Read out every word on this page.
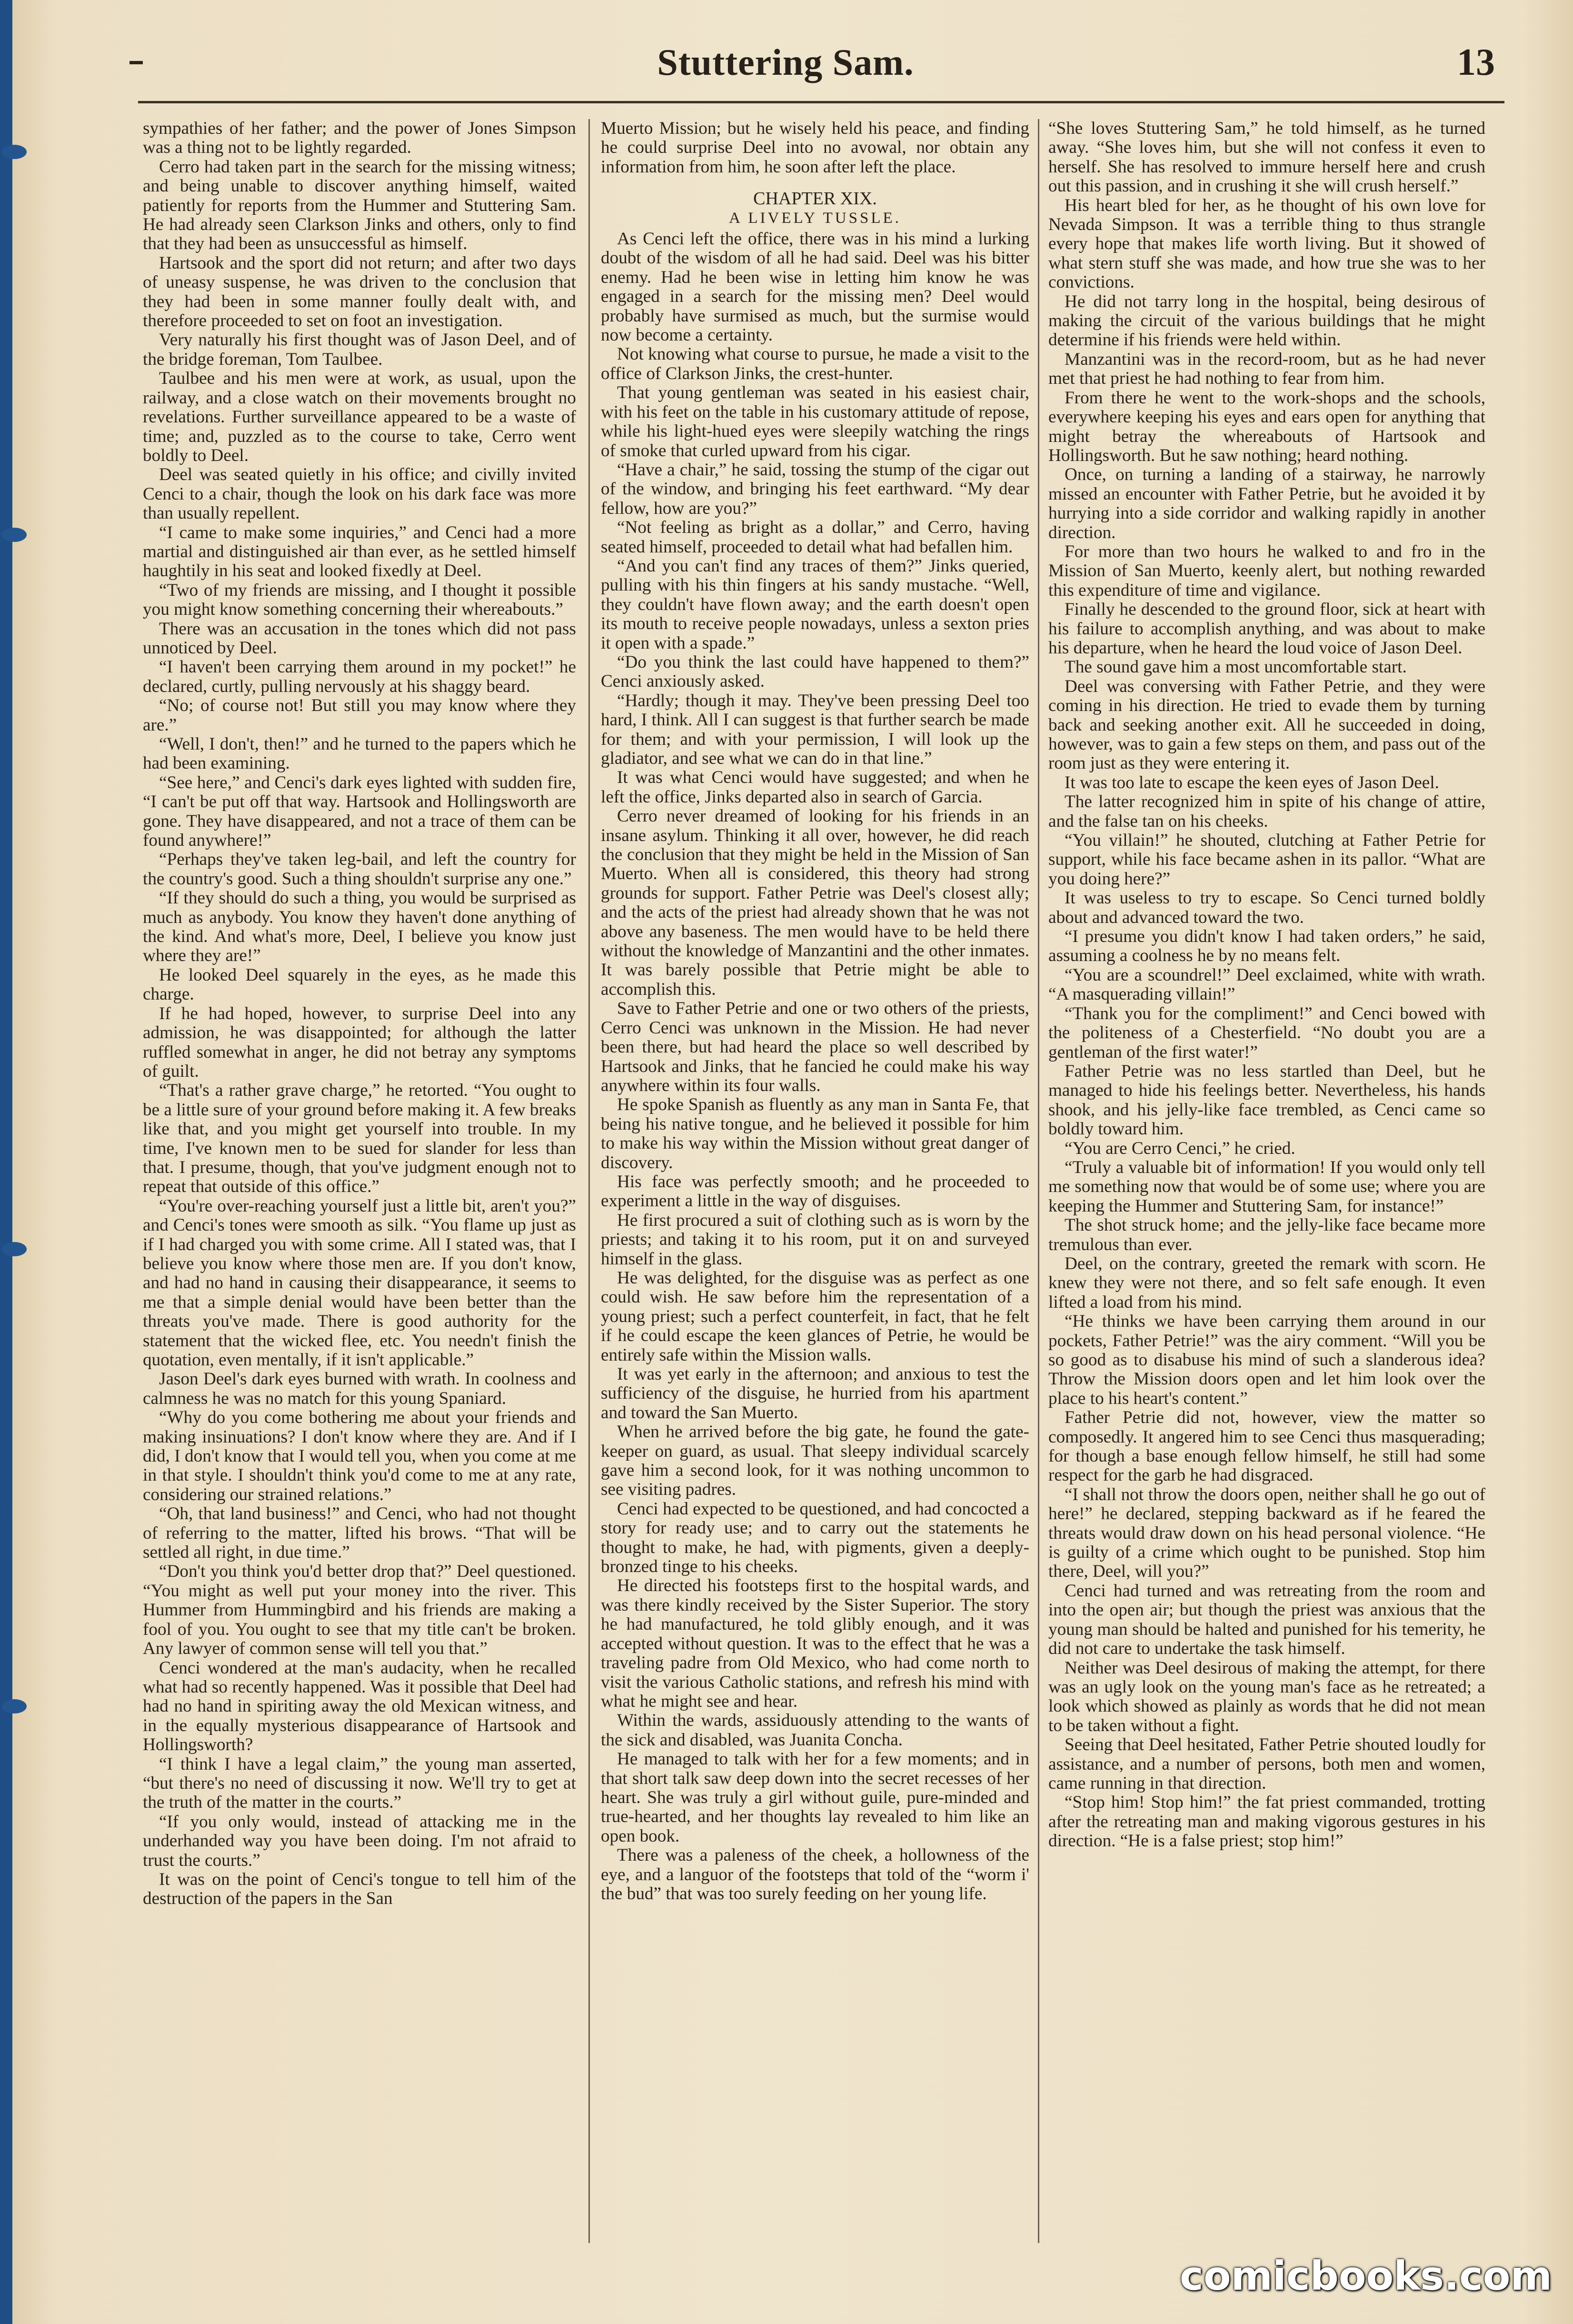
Stuttering Sam.	13

sympathies of her father; and the power of Jones Simpson was a thing not to be lightly regarded.

Cerro had taken part in the search for the missing witness; and being unable to discover anything himself, waited patiently for reports from the Hummer and Stuttering Sam. He had already seen Clarkson Jinks and others, only to find that they had been as unsuccessful as himself.

Hartsook and the sport did not return; and after two days of uneasy suspense, he was driven to the conclusion that they had been in some manner foully dealt with, and therefore proceeded to set on foot an investigation.

Very naturally his first thought was of Jason Deel, and of the bridge foreman, Tom Taulbee.

Taulbee and his men were at work, as usual, upon the railway, and a close watch on their movements brought no revelations. Further surveillance appeared to be a waste of time; and, puzzled as to the course to take, Cerro went boldly to Deel.

Deel was seated quietly in his office; and civilly invited Cenci to a chair, though the look on his dark face was more than usually repellent.

“I came to make some inquiries,” and Cenci had a more martial and distinguished air than ever, as he settled himself haughtily in his seat and looked fixedly at Deel.

“Two of my friends are missing, and I thought it possible you might know something concerning their whereabouts.”

There was an accusation in the tones which did not pass unnoticed by Deel.

“I haven't been carrying them around in my pocket!” he declared, curtly, pulling nervously at his shaggy beard.

“No; of course not! But still you may know where they are.”

“Well, I don't, then!” and he turned to the papers which he had been examining.

“See here,” and Cenci's dark eyes lighted with sudden fire, “I can't be put off that way. Hartsook and Hollingsworth are gone. They have disappeared, and not a trace of them can be found anywhere!”

“Perhaps they've taken leg-bail, and left the country for the country's good. Such a thing shouldn't surprise any one.”

“If they should do such a thing, you would be surprised as much as anybody. You know they haven't done anything of the kind. And what's more, Deel, I believe you know just where they are!”

He looked Deel squarely in the eyes, as he made this charge.

If he had hoped, however, to surprise Deel into any admission, he was disappointed; for although the latter ruffled somewhat in anger, he did not betray any symptoms of guilt.

“That's a rather grave charge,” he retorted. “You ought to be a little sure of your ground before making it. A few breaks like that, and you might get yourself into trouble. In my time, I've known men to be sued for slander for less than that. I presume, though, that you've judgment enough not to repeat that outside of this office.”

“You're over-reaching yourself just a little bit, aren't you?” and Cenci's tones were smooth as silk. “You flame up just as if I had charged you with some crime. All I stated was, that I believe you know where those men are. If you don't know, and had no hand in causing their disappearance, it seems to me that a simple denial would have been better than the threats you've made. There is good authority for the statement that the wicked flee, etc. You needn't finish the quotation, even mentally, if it isn't applicable.”

Jason Deel's dark eyes burned with wrath. In coolness and calmness he was no match for this young Spaniard.

“Why do you come bothering me about your friends and making insinuations? I don't know where they are. And if I did, I don't know that I would tell you, when you come at me in that style. I shouldn't think you'd come to me at any rate, considering our strained relations.”

“Oh, that land business!” and Cenci, who had not thought of referring to the matter, lifted his brows. “That will be settled all right, in due time.”

“Don't you think you'd better drop that?” Deel questioned. “You might as well put your money into the river. This Hummer from Hummingbird and his friends are making a fool of you. You ought to see that my title can't be broken. Any lawyer of common sense will tell you that.”

Cenci wondered at the man's audacity, when he recalled what had so recently happened. Was it possible that Deel had had no hand in spiriting away the old Mexican witness, and in the equally mysterious disappearance of Hartsook and Hollingsworth?

“I think I have a legal claim,” the young man asserted, “but there's no need of discussing it now. We'll try to get at the truth of the matter in the courts.”

“If you only would, instead of attacking me in the underhanded way you have been doing. I'm not afraid to trust the courts.”

It was on the point of Cenci's tongue to tell him of the destruction of the papers in the San

Muerto Mission; but he wisely held his peace, and finding he could surprise Deel into no avowal, nor obtain any information from him, he soon after left the place.

CHAPTER XIX.
A LIVELY TUSSLE.

As Cenci left the office, there was in his mind a lurking doubt of the wisdom of all he had said. Deel was his bitter enemy. Had he been wise in letting him know he was engaged in a search for the missing men? Deel would probably have surmised as much, but the surmise would now become a certainty.

Not knowing what course to pursue, he made a visit to the office of Clarkson Jinks, the crest-hunter.

That young gentleman was seated in his easiest chair, with his feet on the table in his customary attitude of repose, while his light-hued eyes were sleepily watching the rings of smoke that curled upward from his cigar.

“Have a chair,” he said, tossing the stump of the cigar out of the window, and bringing his feet earthward. “My dear fellow, how are you?”

“Not feeling as bright as a dollar,” and Cerro, having seated himself, proceeded to detail what had befallen him.

“And you can't find any traces of them?” Jinks queried, pulling with his thin fingers at his sandy mustache. “Well, they couldn't have flown away; and the earth doesn't open its mouth to receive people nowadays, unless a sexton pries it open with a spade.”

“Do you think the last could have happened to them?” Cenci anxiously asked.

“Hardly; though it may. They've been pressing Deel too hard, I think. All I can suggest is that further search be made for them; and with your permission, I will look up the gladiator, and see what we can do in that line.”

It was what Cenci would have suggested; and when he left the office, Jinks departed also in search of Garcia.

Cerro never dreamed of looking for his friends in an insane asylum. Thinking it all over, however, he did reach the conclusion that they might be held in the Mission of San Muerto. When all is considered, this theory had strong grounds for support. Father Petrie was Deel's closest ally; and the acts of the priest had already shown that he was not above any baseness. The men would have to be held there without the knowledge of Manzantini and the other inmates. It was barely possible that Petrie might be able to accomplish this.

Save to Father Petrie and one or two others of the priests, Cerro Cenci was unknown in the Mission. He had never been there, but had heard the place so well described by Hartsook and Jinks, that he fancied he could make his way anywhere within its four walls.

He spoke Spanish as fluently as any man in Santa Fe, that being his native tongue, and he believed it possible for him to make his way within the Mission without great danger of discovery.

His face was perfectly smooth; and he proceeded to experiment a little in the way of disguises.

He first procured a suit of clothing such as is worn by the priests; and taking it to his room, put it on and surveyed himself in the glass.

He was delighted, for the disguise was as perfect as one could wish. He saw before him the representation of a young priest; such a perfect counterfeit, in fact, that he felt if he could escape the keen glances of Petrie, he would be entirely safe within the Mission walls.

It was yet early in the afternoon; and anxious to test the sufficiency of the disguise, he hurried from his apartment and toward the San Muerto.

When he arrived before the big gate, he found the gate-keeper on guard, as usual. That sleepy individual scarcely gave him a second look, for it was nothing uncommon to see visiting padres.

Cenci had expected to be questioned, and had concocted a story for ready use; and to carry out the statements he thought to make, he had, with pigments, given a deeply-bronzed tinge to his cheeks.

He directed his footsteps first to the hospital wards, and was there kindly received by the Sister Superior. The story he had manufactured, he told glibly enough, and it was accepted without question. It was to the effect that he was a traveling padre from Old Mexico, who had come north to visit the various Catholic stations, and refresh his mind with what he might see and hear.

Within the wards, assiduously attending to the wants of the sick and disabled, was Juanita Concha.

He managed to talk with her for a few moments; and in that short talk saw deep down into the secret recesses of her heart. She was truly a girl without guile, pure-minded and true-hearted, and her thoughts lay revealed to him like an open book.

There was a paleness of the cheek, a hollowness of the eye, and a languor of the footsteps that told of the “worm i' the bud” that was too surely feeding on her young life.

“She loves Stuttering Sam,” he told himself, as he turned away. “She loves him, but she will not confess it even to herself. She has resolved to immure herself here and crush out this passion, and in crushing it she will crush herself.”

His heart bled for her, as he thought of his own love for Nevada Simpson. It was a terrible thing to thus strangle every hope that makes life worth living. But it showed of what stern stuff she was made, and how true she was to her convictions.

He did not tarry long in the hospital, being desirous of making the circuit of the various buildings that he might determine if his friends were held within.

Manzantini was in the record-room, but as he had never met that priest he had nothing to fear from him.

From there he went to the work-shops and the schools, everywhere keeping his eyes and ears open for anything that might betray the whereabouts of Hartsook and Hollingsworth. But he saw nothing; heard nothing.

Once, on turning a landing of a stairway, he narrowly missed an encounter with Father Petrie, but he avoided it by hurrying into a side corridor and walking rapidly in another direction.

For more than two hours he walked to and fro in the Mission of San Muerto, keenly alert, but nothing rewarded this expenditure of time and vigilance.

Finally he descended to the ground floor, sick at heart with his failure to accomplish anything, and was about to make his departure, when he heard the loud voice of Jason Deel.

The sound gave him a most uncomfortable start.

Deel was conversing with Father Petrie, and they were coming in his direction. He tried to evade them by turning back and seeking another exit. All he succeeded in doing, however, was to gain a few steps on them, and pass out of the room just as they were entering it.

It was too late to escape the keen eyes of Jason Deel.

The latter recognized him in spite of his change of attire, and the false tan on his cheeks.

“You villain!” he shouted, clutching at Father Petrie for support, while his face became ashen in its pallor. “What are you doing here?”

It was useless to try to escape. So Cenci turned boldly about and advanced toward the two.

“I presume you didn't know I had taken orders,” he said, assuming a coolness he by no means felt.

“You are a scoundrel!” Deel exclaimed, white with wrath. “A masquerading villain!”

“Thank you for the compliment!” and Cenci bowed with the politeness of a Chesterfield. “No doubt you are a gentleman of the first water!”

Father Petrie was no less startled than Deel, but he managed to hide his feelings better. Nevertheless, his hands shook, and his jelly-like face trembled, as Cenci came so boldly toward him.

“You are Cerro Cenci,” he cried.

“Truly a valuable bit of information! If you would only tell me something now that would be of some use; where you are keeping the Hummer and Stuttering Sam, for instance!”

The shot struck home; and the jelly-like face became more tremulous than ever.

Deel, on the contrary, greeted the remark with scorn. He knew they were not there, and so felt safe enough. It even lifted a load from his mind.

“He thinks we have been carrying them around in our pockets, Father Petrie!” was the airy comment. “Will you be so good as to disabuse his mind of such a slanderous idea? Throw the Mission doors open and let him look over the place to his heart's content.”

Father Petrie did not, however, view the matter so composedly. It angered him to see Cenci thus masquerading; for though a base enough fellow himself, he still had some respect for the garb he had disgraced.

“I shall not throw the doors open, neither shall he go out of here!” he declared, stepping backward as if he feared the threats would draw down on his head personal violence. “He is guilty of a crime which ought to be punished. Stop him there, Deel, will you?”

Cenci had turned and was retreating from the room and into the open air; but though the priest was anxious that the young man should be halted and punished for his temerity, he did not care to undertake the task himself.

Neither was Deel desirous of making the attempt, for there was an ugly look on the young man's face as he retreated; a look which showed as plainly as words that he did not mean to be taken without a fight.

Seeing that Deel hesitated, Father Petrie shouted loudly for assistance, and a number of persons, both men and women, came running in that direction.

“Stop him! Stop him!” the fat priest commanded, trotting after the retreating man and making vigorous gestures in his direction. “He is a false priest; stop him!”

comicbooks.com
